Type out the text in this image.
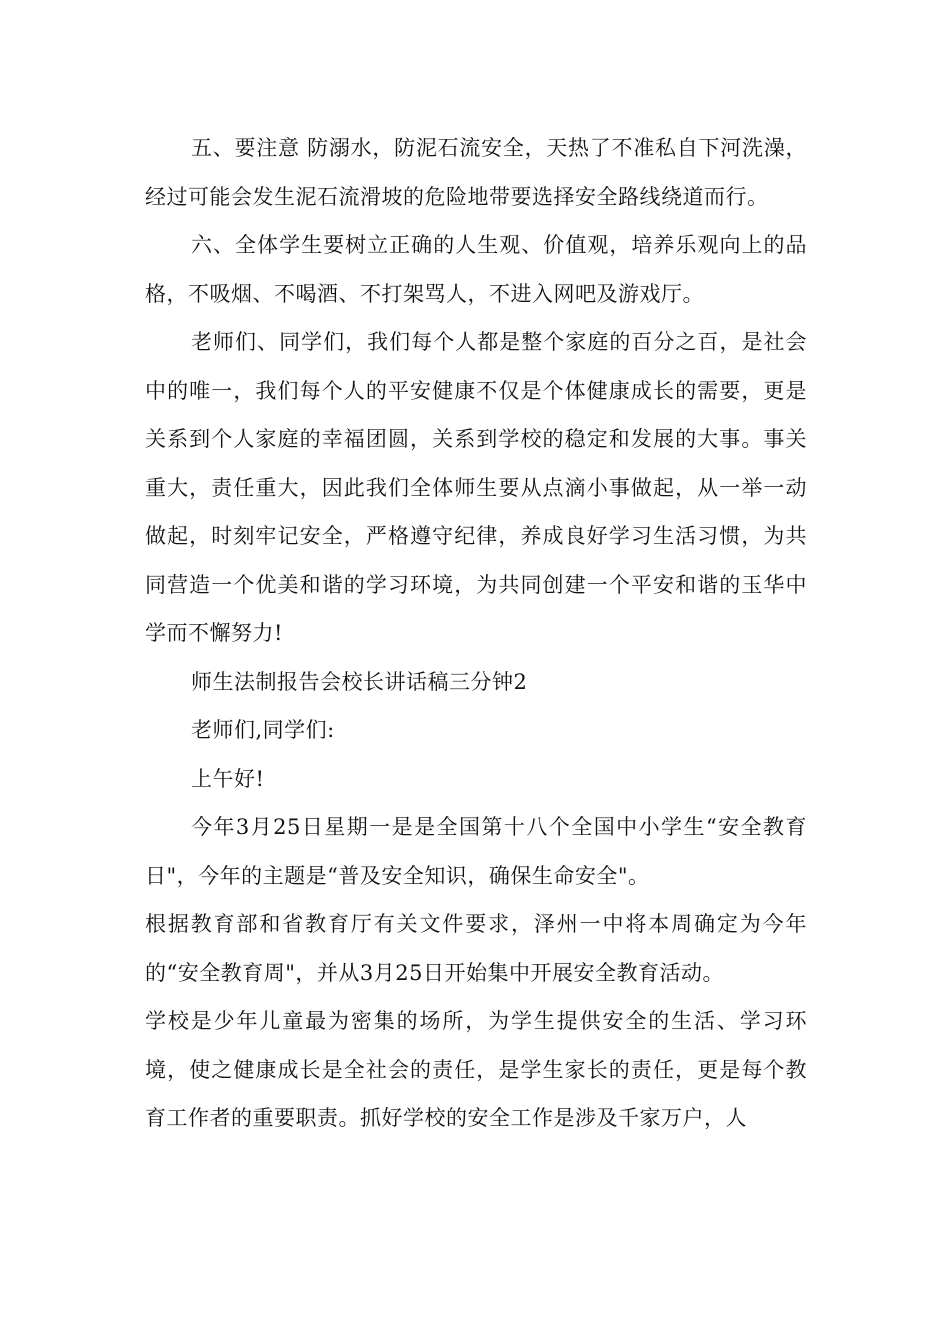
五、要注意 防溺水，防泥石流安全，天热了不准私自下河洗澡，经过可能会发生泥石流滑坡的危险地带要选择安全路线绕道而行。

六、全体学生要树立正确的人生观、价值观，培养乐观向上的品格，不吸烟、不喝酒、不打架骂人，不进入网吧及游戏厅。

老师们、同学们，我们每个人都是整个家庭的百分之百，是社会中的唯一，我们每个人的平安健康不仅是个体健康成长的需要，更是关系到个人家庭的幸福团圆，关系到学校的稳定和发展的大事。事关重大，责任重大，因此我们全体师生要从点滴小事做起，从一举一动做起，时刻牢记安全，严格遵守纪律，养成良好学习生活习惯，为共同营造一个优美和谐的学习环境，为共同创建一个平安和谐的玉华中学而不懈努力!

师生法制报告会校长讲话稿三分钟2

老师们,同学们:

上午好!

今年3月25日星期一是是全国第十八个全国中小学生“安全教育日"，今年的主题是“普及安全知识，确保生命安全"。

根据教育部和省教育厅有关文件要求，泽州一中将本周确定为今年的“安全教育周"，并从3月25日开始集中开展安全教育活动。

学校是少年儿童最为密集的场所，为学生提供安全的生活、学习环境，使之健康成长是全社会的责任，是学生家长的责任，更是每个教育工作者的重要职责。抓好学校的安全工作是涉及千家万户，人
